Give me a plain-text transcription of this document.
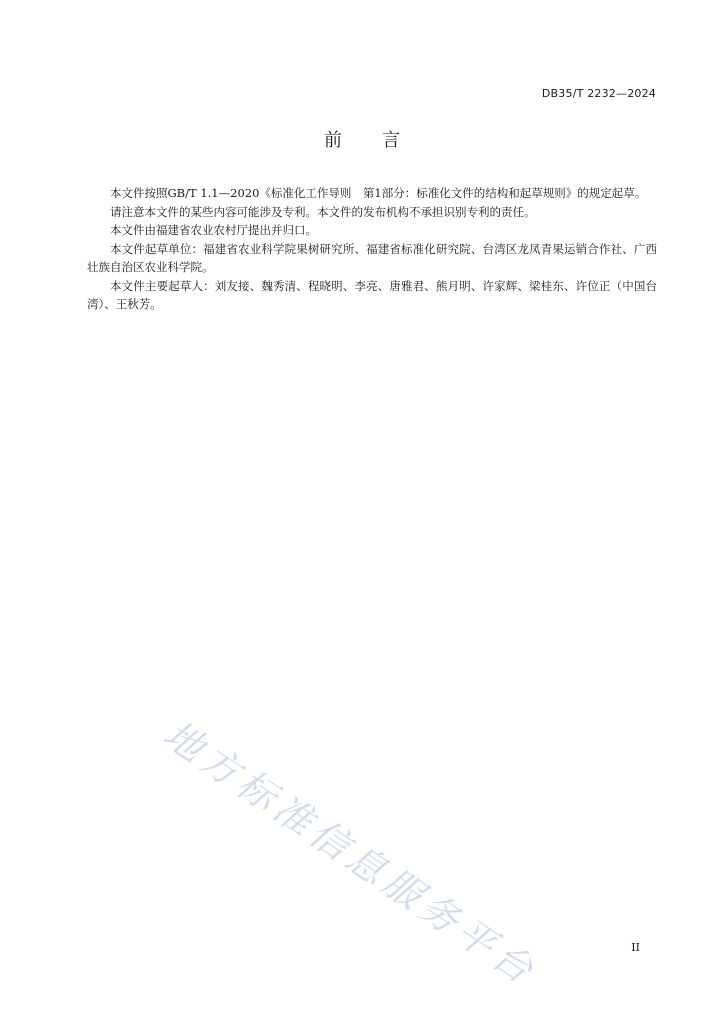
DB35/T 2232—2024
前言

本文件按照GB/T 1.1—2020《标准化工作导则　第1部分：标准化文件的结构和起草规则》的规定起草。

请注意本文件的某些内容可能涉及专利。本文件的发布机构不承担识别专利的责任。

本文件由福建省农业农村厅提出并归口。

本文件起草单位：福建省农业科学院果树研究所、福建省标准化研究院、台湾区龙凤青果运销合作社、广西壮族自治区农业科学院。

本文件主要起草人：刘友接、魏秀清、程晓明、李亮、唐雅君、熊月明、许家辉、梁桂东、许位正（中国台湾）、王秋芳。

地方标准信息服务平台	II
